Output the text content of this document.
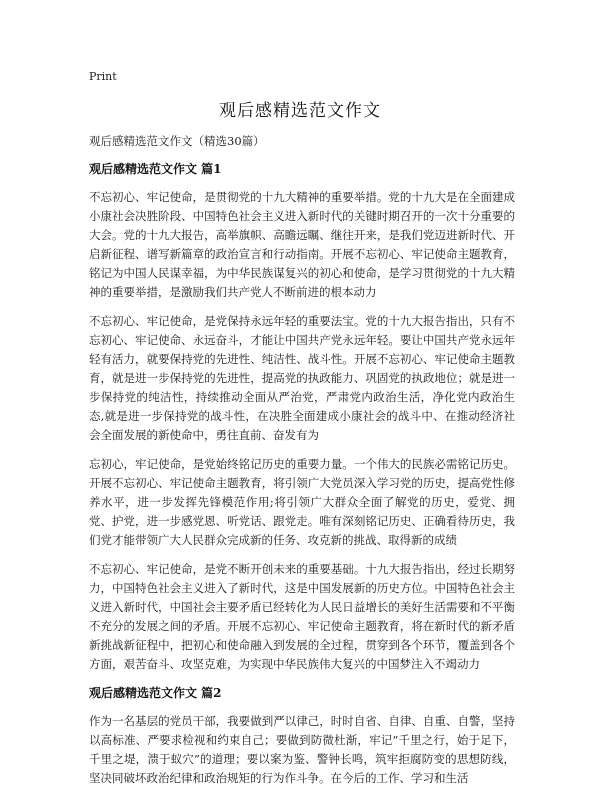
Print
观后感精选范文作文
观后感精选范文作文（精选30篇）
观后感精选范文作文 篇1

不忘初心、牢记使命，是贯彻党的十九大精神的重要举措。党的十九大是在全面建成小康社会决胜阶段、中国特色社会主义进入新时代的关键时期召开的一次十分重要的大会。党的十九大报告，高举旗帜、高瞻远瞩、继往开来，是我们党迈进新时代、开启新征程、谱写新篇章的政治宣言和行动指南。开展不忘初心、牢记使命主题教育，铭记为中国人民谋幸福，为中华民族谋复兴的初心和使命，是学习贯彻党的十九大精神的重要举措，是激励我们共产党人不断前进的根本动力

不忘初心、牢记使命，是党保持永远年轻的重要法宝。党的十九大报告指出，只有不忘初心、牢记使命、永远奋斗，才能让中国共产党永远年轻。要让中国共产党永远年轻有活力，就要保持党的先进性、纯洁性、战斗性。开展不忘初心、牢记使命主题教育，就是进一步保持党的先进性，提高党的执政能力、巩固党的执政地位；就是进一步保持党的纯洁性，持续推动全面从严治党，严肃党内政治生活，净化党内政治生态,就是进一步保持党的战斗性，在决胜全面建成小康社会的战斗中、在推动经济社会全面发展的新使命中，勇往直前、奋发有为

忘初心，牢记使命，是党始终铭记历史的重要力量。一个伟大的民族必需铭记历史。开展不忘初心、牢记使命主题教育，将引领广大党员深入学习党的历史，提高党性修养水平，进一步发挥先锋模范作用;将引领广大群众全面了解党的历史，爱党、拥党、护党，进一步感党恩、听党话、跟党走。唯有深刻铭记历史、正确看待历史，我们党才能带领广大人民群众完成新的任务、攻克新的挑战、取得新的成绩

不忘初心、牢记使命，是党不断开创未来的重要基础。十九大报告指出，经过长期努力，中国特色社会主义进入了新时代，这是中国发展新的历史方位。中国特色社会主义进入新时代，中国社会主要矛盾已经转化为人民日益增长的美好生活需要和不平衡不充分的发展之间的矛盾。开展不忘初心、牢记使命主题教育，将在新时代的新矛盾新挑战新征程中，把初心和使命融入到发展的全过程，贯穿到各个环节，覆盖到各个方面，艰苦奋斗、攻坚克难，为实现中华民族伟大复兴的中国梦注入不竭动力

观后感精选范文作文 篇2

作为一名基层的党员干部，我要做到严以律己，时时自省、自律、自重、自警，坚持以高标准、严要求检视和约束自己；要做到防微杜渐，牢记“千里之行，始于足下，千里之堤，溃于蚁穴”的道理；要以案为鉴、警钟长鸣，筑牢拒腐防变的思想防线，坚决同破坏政治纪律和政治规矩的行为作斗争。在今后的工作、学习和生活
